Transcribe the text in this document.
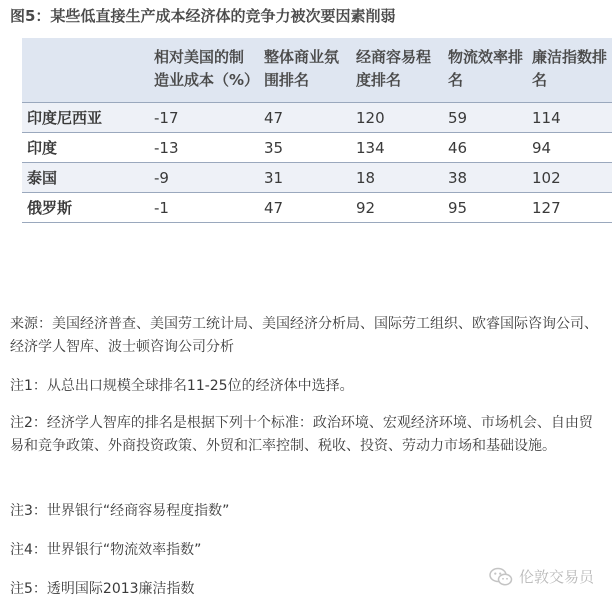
图5：某些低直接生产成本经济体的竞争力被次要因素削弱
	相对美国的制造业成本（%）	整体商业氛围排名	经商容易程度排名	物流效率排名	廉洁指数排名
印度尼西亚	-17	47	120	59	114
印度	-13	35	134	46	94
泰国	-9	31	18	38	102
俄罗斯	-1	47	92	95	127
来源：美国经济普查、美国劳工统计局、美国经济分析局、国际劳工组织、欧睿国际咨询公司、经济学人智库、波士顿咨询公司分析
注1：从总出口规模全球排名11-25位的经济体中选择。
注2：经济学人智库的排名是根据下列十个标准：政治环境、宏观经济环境、市场机会、自由贸易和竞争政策、外商投资政策、外贸和汇率控制、税收、投资、劳动力市场和基础设施。
注3：世界银行“经商容易程度指数”
注4：世界银行“物流效率指数”
注5：透明国际2013廉洁指数
伦敦交易员
